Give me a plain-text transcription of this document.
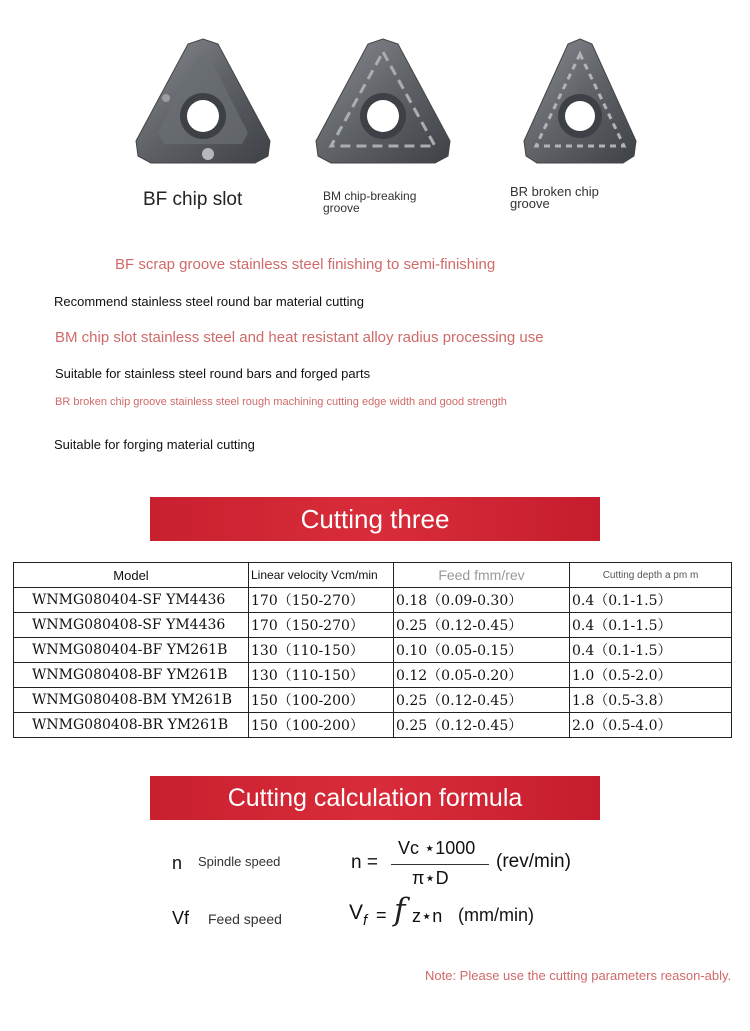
BF chip slot	BM chip-breaking groove
BR broken chip groove
BF scrap groove stainless steel finishing to semi-finishing
Recommend stainless steel round bar material cutting
BM chip slot stainless steel and heat resistant alloy radius processing use
Suitable for stainless steel round bars and forged parts
BR broken chip groove stainless steel rough machining cutting edge width and good strength
Suitable for forging material cutting
Cutting three
Model	Linear velocity Vcm/min	Feed fmm/rev	Cutting depth a pm m
WNMG080404-SF YM4436	170（150-270）	0.18（0.09-0.30）	0.4（0.1-1.5）
WNMG080408-SF YM4436	170（150-270）	0.25（0.12-0.45）	0.4（0.1-1.5）
WNMG080404-BF YM261B	130（110-150）	0.10（0.05-0.15）	0.4（0.1-1.5）
WNMG080408-BF YM261B	130（110-150）	0.12（0.05-0.20）	1.0（0.5-2.0）
WNMG080408-BM YM261B	150（100-200）	0.25（0.12-0.45）	1.8（0.5-3.8）
WNMG080408-BR YM261B	150（100-200）	0.25（0.12-0.45）	2.0（0.5-4.0）
Cutting calculation formula
n Spindle speed	n =
Vc ⋆1000
π⋆D
(rev/min)
Vf Feed speed	V f = f z⋆n (mm/min)
Note: Please use the cutting parameters reason-ably.
